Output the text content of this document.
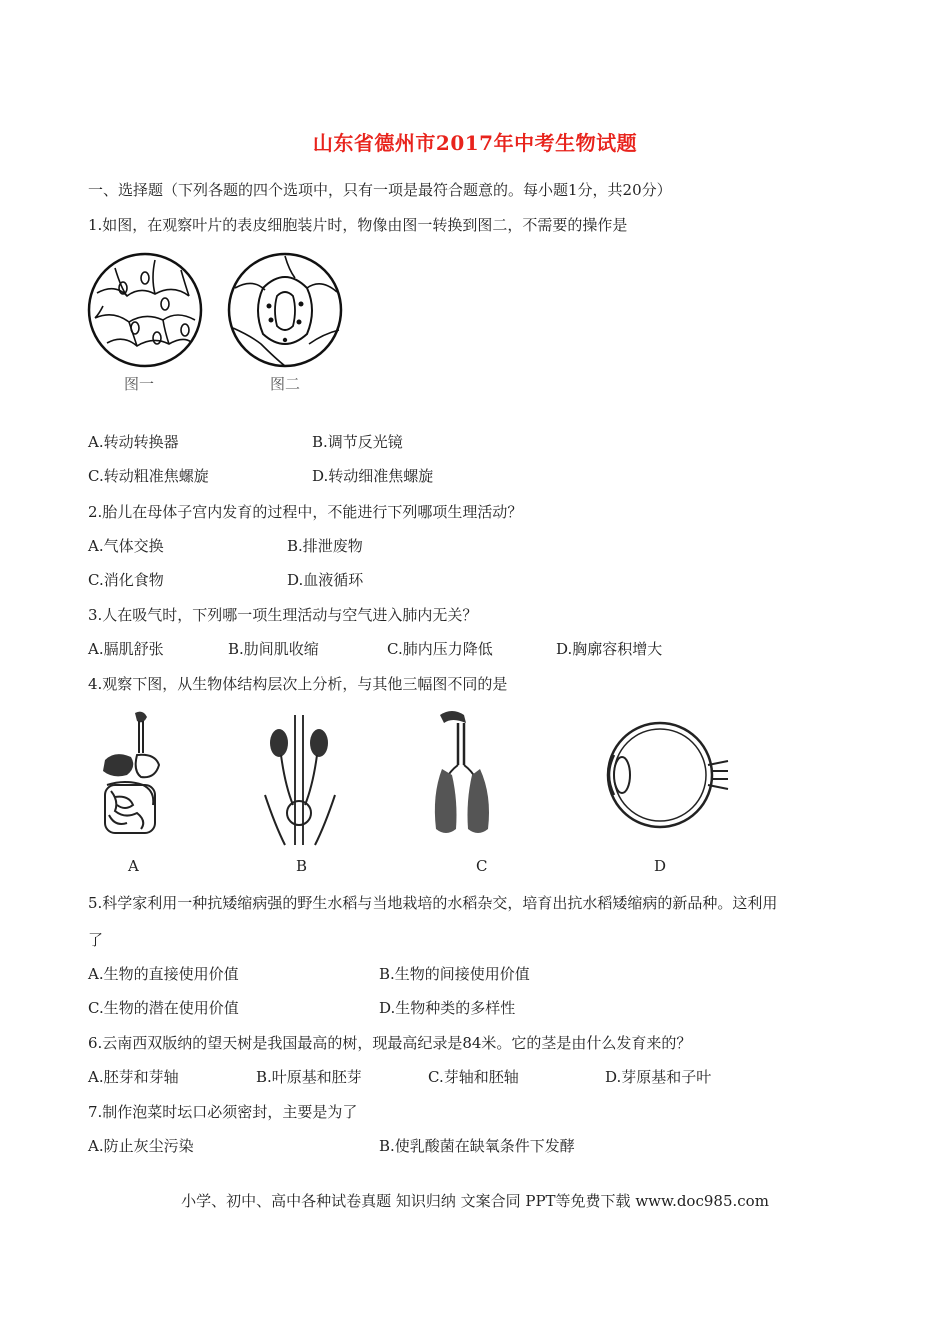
山东省德州市2017年中考生物试题
一、选择题（下列各题的四个选项中，只有一项是最符合题意的。每小题1分，共20分）
1.如图，在观察叶片的表皮细胞装片时，物像由图一转换到图二，不需要的操作是
图一	图二
A.转动转换器	B.调节反光镜
C.转动粗准焦螺旋	D.转动细准焦螺旋
2.胎儿在母体子宫内发育的过程中，不能进行下列哪项生理活动？
A.气体交换	B.排泄废物
C.消化食物	D.血液循环
3.人在吸气时，下列哪一项生理活动与空气进入肺内无关？
A.膈肌舒张	B.肋间肌收缩	C.肺内压力降低	D.胸廓容积增大
4.观察下图，从生物体结构层次上分析，与其他三幅图不同的是
A	B	C	D
5.科学家利用一种抗矮缩病强的野生水稻与当地栽培的水稻杂交，培育出抗水稻矮缩病的新品种。这利用
了
A.生物的直接使用价值	B.生物的间接使用价值
C.生物的潜在使用价值	D.生物种类的多样性
6.云南西双版纳的望天树是我国最高的树，现最高纪录是84米。它的茎是由什么发育来的？
A.胚芽和芽轴	B.叶原基和胚芽	C.芽轴和胚轴	D.芽原基和子叶
7.制作泡菜时坛口必须密封，主要是为了
A.防止灰尘污染	B.使乳酸菌在缺氧条件下发酵
小学、初中、高中各种试卷真题 知识归纳 文案合同 PPT等免费下载 www.doc985.com
